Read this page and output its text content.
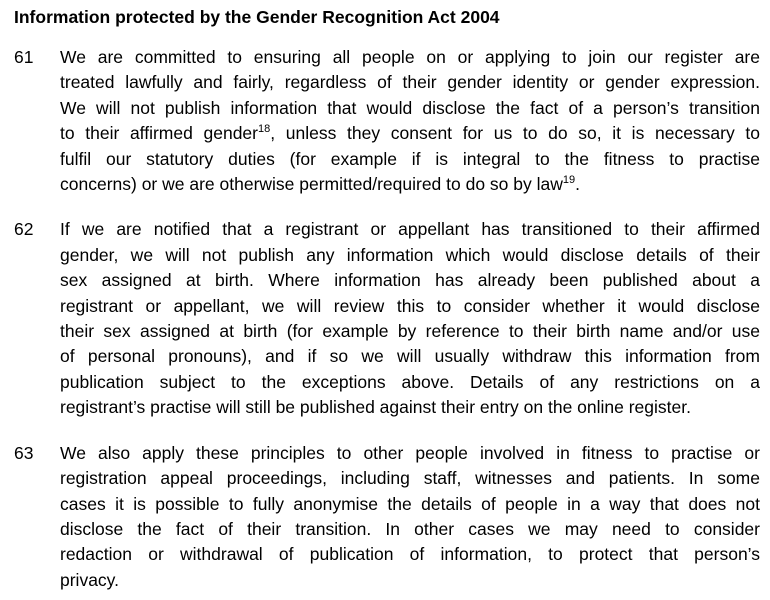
Information protected by the Gender Recognition Act 2004
61	We are committed to ensuring all people on or applying to join our register are
treated lawfully and fairly, regardless of their gender identity or gender expression.
We will not publish information that would disclose the fact of a person’s transition
to their affirmed gender$^{18}$, unless they consent for us to do so, it is necessary to
fulfil our statutory duties (for example if is integral to the fitness to practise
concerns) or we are otherwise permitted/required to do so by law$^{19}$.
62	If we are notified that a registrant or appellant has transitioned to their affirmed
gender, we will not publish any information which would disclose details of their
sex assigned at birth. Where information has already been published about a
registrant or appellant, we will review this to consider whether it would disclose
their sex assigned at birth (for example by reference to their birth name and/or use
of personal pronouns), and if so we will usually withdraw this information from
publication subject to the exceptions above. Details of any restrictions on a
registrant’s practise will still be published against their entry on the online register.
63	We also apply these principles to other people involved in fitness to practise or
registration appeal proceedings, including staff, witnesses and patients. In some
cases it is possible to fully anonymise the details of people in a way that does not
disclose the fact of their transition. In other cases we may need to consider
redaction or withdrawal of publication of information, to protect that person’s
privacy.
